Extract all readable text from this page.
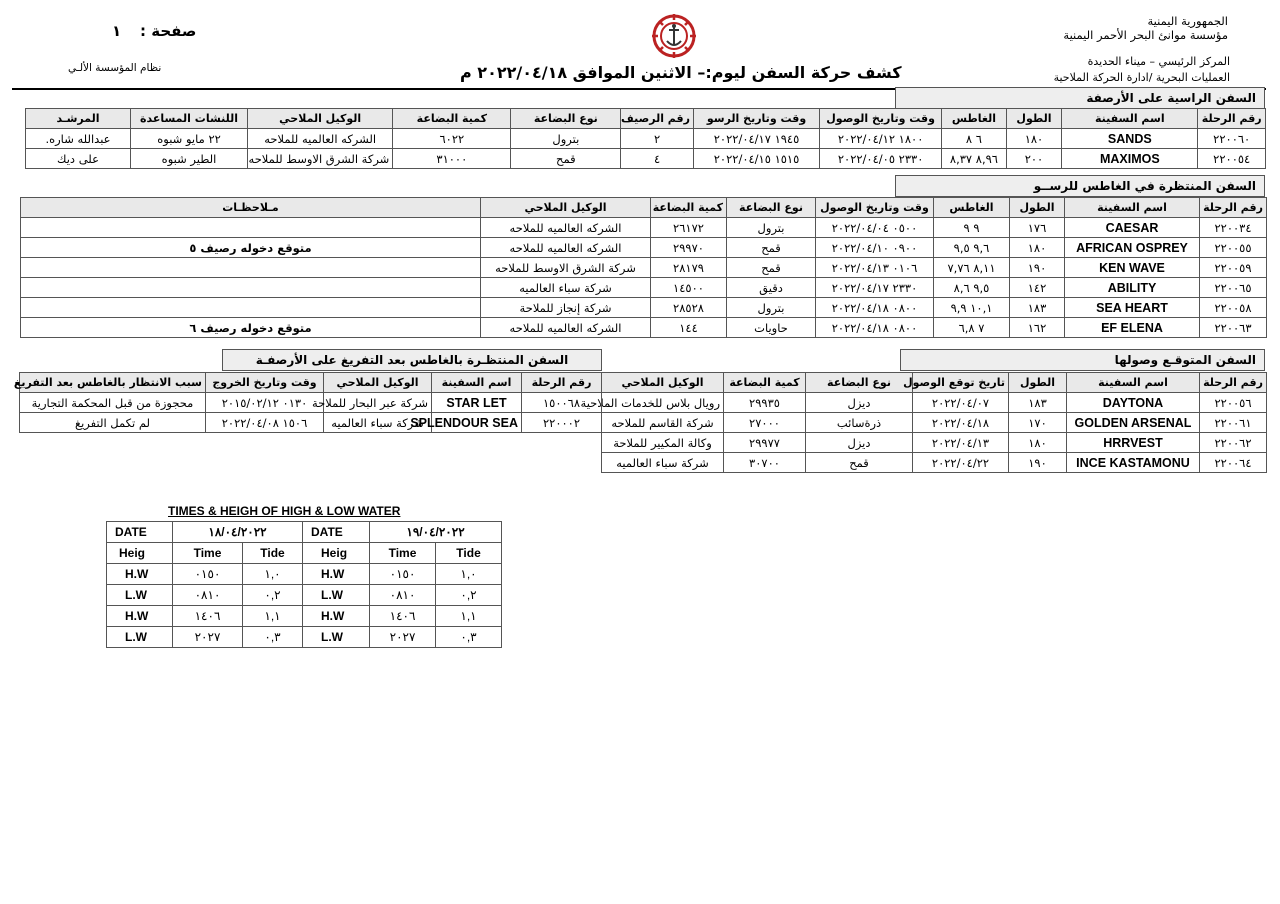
الجمهورية اليمنية
مؤسسة موانئ البحر الأحمر اليمنية
المركز الرئيسي – ميناء الحديدة
العمليات البحرية /ادارة الحركة الملاحية
صفحة :
١
نظام المؤسسة الألـي	كشف حركة السفن ليوم:– الاثنين الموافق ٢٠٢٢/٠٤/١٨ م
السفن الراسية على الأرصفة
رقم الرحلة	اسم السفينة	الطول	الغاطس	وقت وتاريخ الوصول	وقت وتاريخ الرسو	رقم الرصيف	نوع البضاعة	كمية البضاعة	الوكيل الملاحي	اللنشات المساعدة	المرشـد
٢٢٠٠٦٠	SANDS	١٨٠	٦ ٨	١٨٠٠ ٢٠٢٢/٠٤/١٢	١٩٤٥ ٢٠٢٢/٠٤/١٧	٢	بترول	٦٠٢٢	الشركه العالميه للملاحه	٢٢ مايو شبوه	عبدالله شاره.
٢٢٠٠٥٤	MAXIMOS	٢٠٠	٨,٩٦ ٨,٣٧	٢٣٣٠ ٢٠٢٢/٠٤/٠٥	١٥١٥ ٢٠٢٢/٠٤/١٥	٤	قمح	٣١٠٠٠	شركة الشرق الاوسط للملاحه	الطير شبوه	على ديك
السفن المنتظرة في الغاطس للرســو
رقم الرحلة	اسم السفينة	الطول	الغاطس	وقت وتاريخ الوصول	نوع البضاعة	كمية البضاعة	الوكيل الملاحي	مـلاحظـات
٢٢٠٠٣٤	CAESAR	١٧٦	٩ ٩	٠٥٠٠ ٢٠٢٢/٠٤/٠٤	بترول	٢٦١٧٢	الشركه العالميه للملاحه	
٢٢٠٠٥٥	AFRICAN OSPREY	١٨٠	٩,٦ ٩,٥	٠٩٠٠ ٢٠٢٢/٠٤/١٠	قمح	٢٩٩٧٠	الشركه العالميه للملاحه	متوقع دخوله رصيف ٥
٢٢٠٠٥٩	KEN WAVE	١٩٠	٨,١١ ٧,٧٦	٠١٠٦ ٢٠٢٢/٠٤/١٣	قمح	٢٨١٧٩	شركة الشرق الاوسط للملاحه	
٢٢٠٠٦٥	ABILITY	١٤٢	٩,٥ ٨,٦	٢٣٣٠ ٢٠٢٢/٠٤/١٧	دقيق	١٤٥٠٠	شركة سباء العالميه	
٢٢٠٠٥٨	SEA HEART	١٨٣	١٠,١ ٩,٩	٠٨٠٠ ٢٠٢٢/٠٤/١٨	بترول	٢٨٥٢٨	شركة إنجاز للملاحة	
٢٢٠٠٦٣	EF ELENA	١٦٢	٧ ٦,٨	٠٨٠٠ ٢٠٢٢/٠٤/١٨	حاويات	١٤٤	الشركه العالميه للملاحه	متوقع دخوله رصيف ٦
السفن المتوقـع وصولها
رقم الرحلة	اسم السفينة	الطول	تاريخ توقع الوصول	نوع البضاعة	كمية البضاعة	الوكيل الملاحي
٢٢٠٠٥٦	DAYTONA	١٨٣	٢٠٢٢/٠٤/٠٧	ديزل	٢٩٩٣٥	رويال بلاس للخدمات الملاحية
٢٢٠٠٦١	GOLDEN ARSENAL	١٧٠	٢٠٢٢/٠٤/١٨	ذرةسائب	٢٧٠٠٠	شركة القاسم للملاحه
٢٢٠٠٦٢	HRRVEST	١٨٠	٢٠٢٢/٠٤/١٣	ديزل	٢٩٩٧٧	وكالة المكيير للملاحة
٢٢٠٠٦٤	INCE KASTAMONU	١٩٠	٢٠٢٢/٠٤/٢٢	قمح	٣٠٧٠٠	شركة سباء العالميه
السفن المنتظـرة بالغاطس بعد التفريغ على الأرصفـة
رقم الرحلة	اسم السفينة	الوكيل الملاحي	وقت وتاريخ الخروج	سبب الانتظار بالغاطس بعد التفريغ
١٥٠٠٦٨	STAR LET	شركة عبر البحار للملاحة	٠١٣٠ ٢٠١٥/٠٢/١٢	محجوزة من قبل المحكمة التجارية
٢٢٠٠٠٢	SPLENDOUR SEA	شركة سباء العالميه	١٥٠٦ ٢٠٢٢/٠٤/٠٨	لم تكمل التفريغ
TIMES & HEIGH OF HIGH & LOW WATER
DATE	١٨/٠٤/٢٠٢٢		DATE	١٩/٠٤/٢٠٢٢	
Heig	Time	Tide	Heig	Time	Tide
H.W	٠١٥٠	١,٠	H.W	٠١٥٠	١,٠
L.W	٠٨١٠	٠,٢	L.W	٠٨١٠	٠,٢
H.W	١٤٠٦	١,١	H.W	١٤٠٦	١,١
L.W	٢٠٢٧	٠,٣	L.W	٢٠٢٧	٠,٣
